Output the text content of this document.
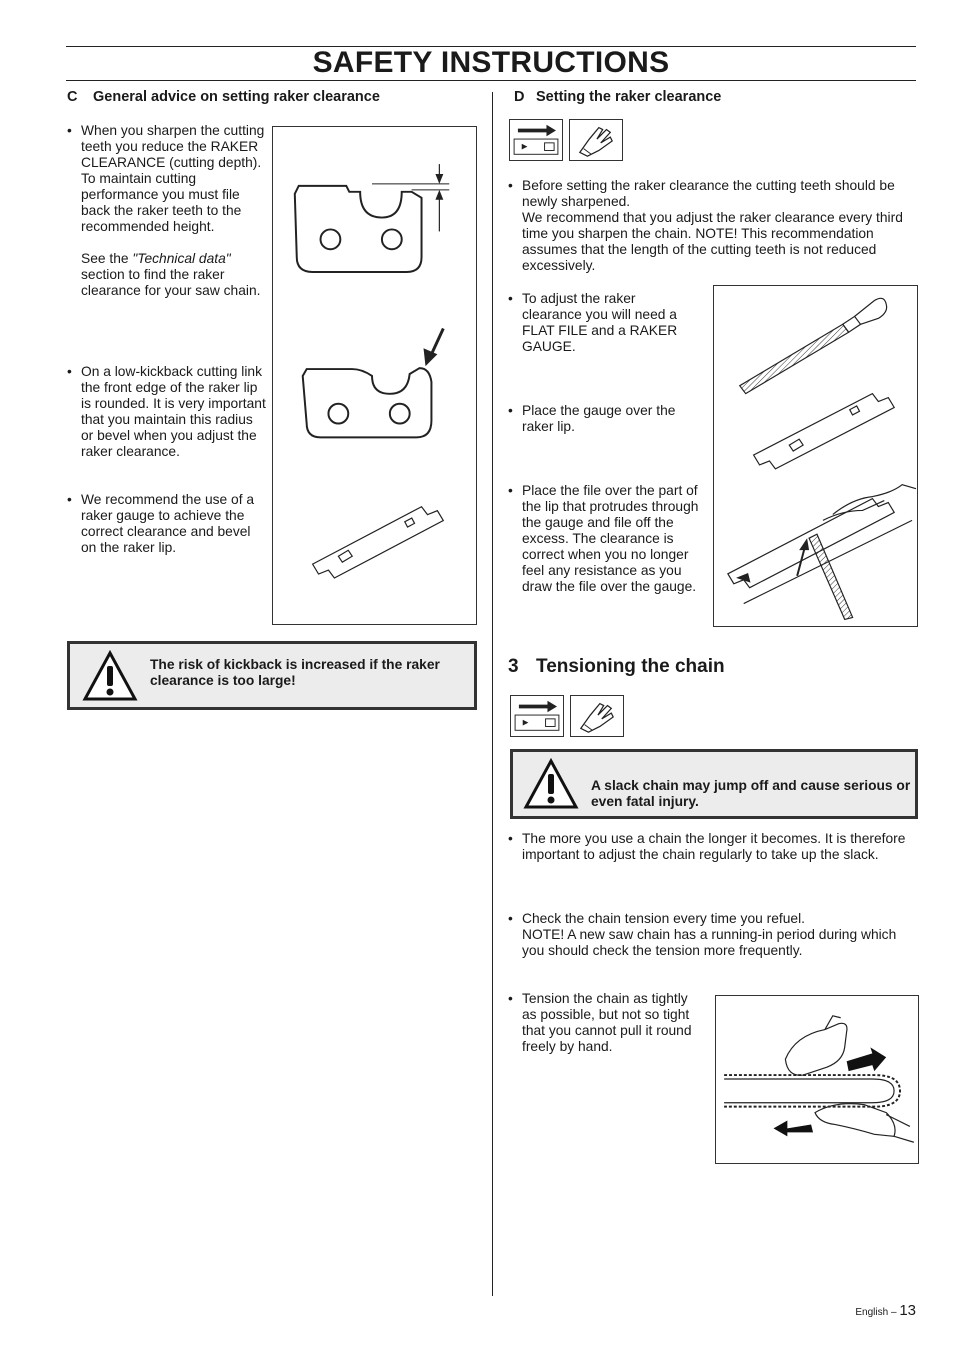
SAFETY INSTRUCTIONS
C General advice on setting raker clearance

• When you sharpen the cutting teeth you reduce the RAKER CLEARANCE (cutting depth). To maintain cutting performance you must file back the raker teeth to the recommended height.

See the "Technical data" section to find the raker clearance for your saw chain.

• On a low-kickback cutting link the front edge of the raker lip is rounded. It is very important that you maintain this radius or bevel when you adjust the raker clearance.

• We recommend the use of a raker gauge to achieve the correct clearance and bevel on the raker lip.

The risk of kickback is increased if the raker clearance is too large!
D Setting the raker clearance
• Before setting the raker clearance the cutting teeth should be newly sharpened.
We recommend that you adjust the raker clearance every third time you sharpen the chain. NOTE! This recommendation assumes that the length of the cutting teeth is not reduced excessively.

• To adjust the raker clearance you will need a FLAT FILE and a RAKER GAUGE.

• Place the gauge over the raker lip.

• Place the file over the part of the lip that protrudes through the gauge and file off the excess. The clearance is correct when you no longer feel any resistance as you draw the file over the gauge.

3 Tensioning the chain
A slack chain may jump off and cause serious or even fatal injury.

• The more you use a chain the longer it becomes. It is therefore important to adjust the chain regularly to take up the slack.

• Check the chain tension every time you refuel.
NOTE! A new saw chain has a running-in period during which you should check the tension more frequently.

• Tension the chain as tightly as possible, but not so tight that you cannot pull it round freely by hand.

English – 13
